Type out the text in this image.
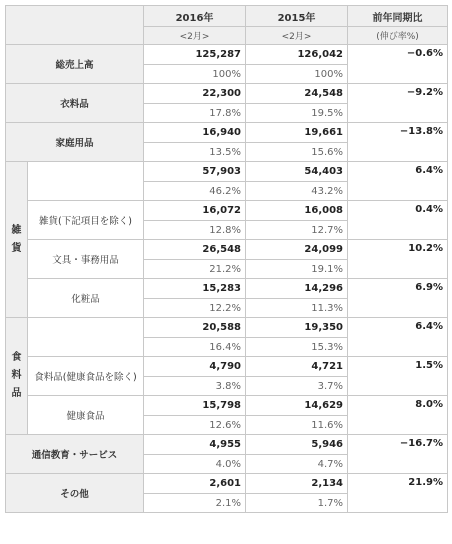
		2016年	2015年	前年同期比
		<2月>	<2月>	(伸び率%)
総売上高		125,287	126,042	−0.6%
		100%	100%	
衣料品		22,300	24,548	−9.2%
		17.8%	19.5%	
家庭用品		16,940	19,661	−13.8%
		13.5%	15.6%	

雑
貨		57,903	54,403	6.4%
		46.2%	43.2%	
	雑貨(下記項目を除く)	16,072	16,008	0.4%
		12.8%	12.7%	
	文具・事務用品	26,548	24,099	10.2%
		21.2%	19.1%	
	化粧品	15,283	14,296	6.9%
		12.2%	11.3%	

食
料
品		20,588	19,350	6.4%
		16.4%	15.3%	
	食料品(健康食品を除く)	4,790	4,721	1.5%
		3.8%	3.7%	
	健康食品	15,798	14,629	8.0%
		12.6%	11.6%	
通信教育・サービス		4,955	5,946	−16.7%
		4.0%	4.7%	
その他		2,601	2,134	21.9%
		2.1%	1.7%	
